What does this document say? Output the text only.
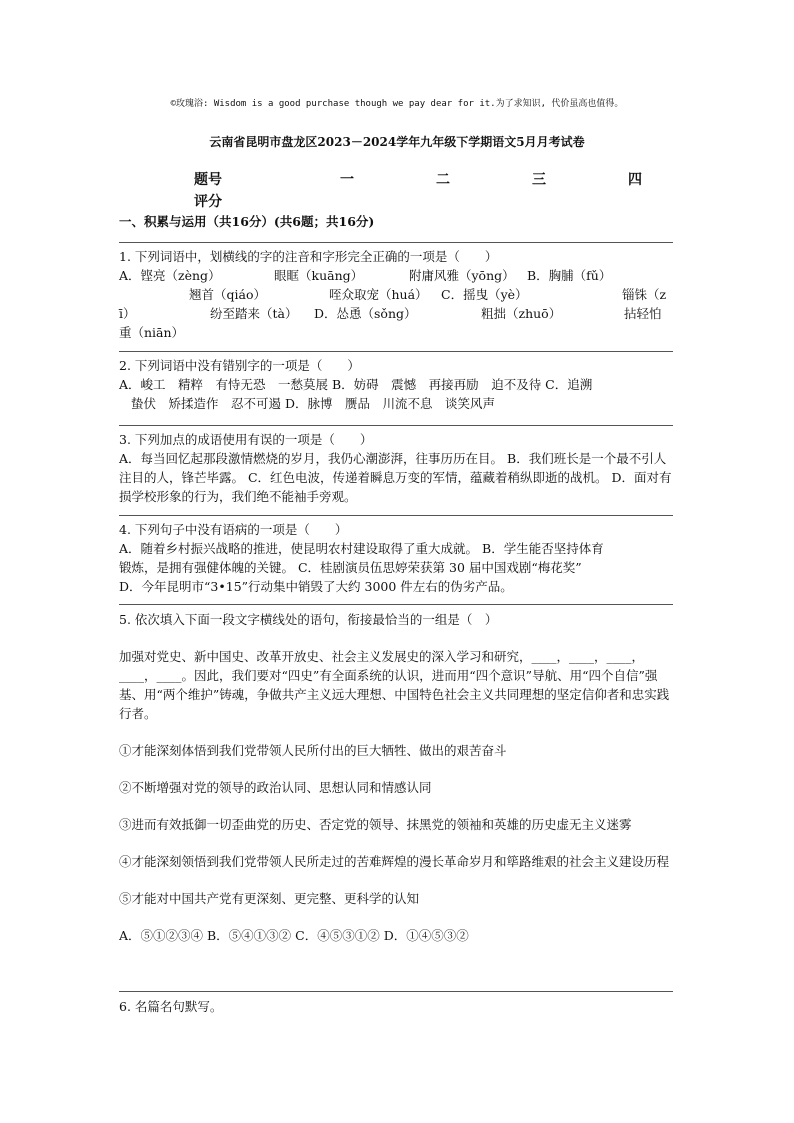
©玫瑰浴: Wisdom is a good purchase though we pay dear for it.为了求知识, 代价虽高也值得。
云南省昆明市盘龙区2023－2024学年九年级下学期语文5月月考试卷
题号	一	二	三	四
评分
一、积累与运用（共16分）(共6题；共16分)

1. 下列词语中，划横线的字的注音和字形完全正确的一项是（　　）

A．铿亮（zèng）	眼眶（kuāng）	附庸风雅（yōng） B．胸脯（fǔ）
翘首（qiáo）	咥众取宠（huá） C．摇曳（yè）	锱铢（z
ī）	纷至踏来（tà） D．怂恿（sǒng）	粗拙（zhuō）	拈轻怕

重（niān）

2. 下列词语中没有错别字的一项是（　　）

A．峻工　精粹　有恃无恐　一愁莫展 B．妨碍　震憾　再接再励　迫不及待 C．追溯

蛰伏　矫揉造作　忍不可遏 D．脉博　赝品　川流不息　谈笑风声

3. 下列加点的成语使用有误的一项是（　　）

A．每当回忆起那段激情燃烧的岁月，我仍心潮澎湃，往事历历在目。 B．我们班长是一个最不引人注目的人，锋芒毕露。 C．红色电波，传递着瞬息万变的军情，蕴藏着稍纵即逝的战机。 D．面对有损学校形象的行为，我们绝不能袖手旁观。

4. 下列句子中没有语病的一项是（　　）

A．随着乡村振兴战略的推进，使昆明农村建设取得了重大成就。 B．学生能否坚持体育

锻炼，是拥有强健体魄的关键。 C．桂剧演员伍思婷荣获第 30 届中国戏剧“梅花奖”

D．今年昆明市“3•15”行动集中销毁了大约 3000 件左右的伪劣产品。

5. 依次填入下面一段文字横线处的语句，衔接最恰当的一组是（　）

加强对党史、新中国史、改革开放史、社会主义发展史的深入学习和研究，____，____，____，____，____。因此，我们要对“四史”有全面系统的认识，进而用“四个意识”导航、用“四个自信”强基、用“两个维护”铸魂，争做共产主义远大理想、中国特色社会主义共同理想的坚定信仰者和忠实践行者。

①才能深刻体悟到我们党带领人民所付出的巨大牺牲、做出的艰苦奋斗

②不断增强对党的领导的政治认同、思想认同和情感认同

③进而有效抵御一切歪曲党的历史、否定党的领导、抹黑党的领袖和英雄的历史虚无主义迷雾

④才能深刻领悟到我们党带领人民所走过的苦难辉煌的漫长革命岁月和筚路维艰的社会主义建设历程

⑤才能对中国共产党有更深刻、更完整、更科学的认知

A．⑤①②③④ B．⑤④①③② C．④⑤③①② D．①④⑤③②

6. 名篇名句默写。
